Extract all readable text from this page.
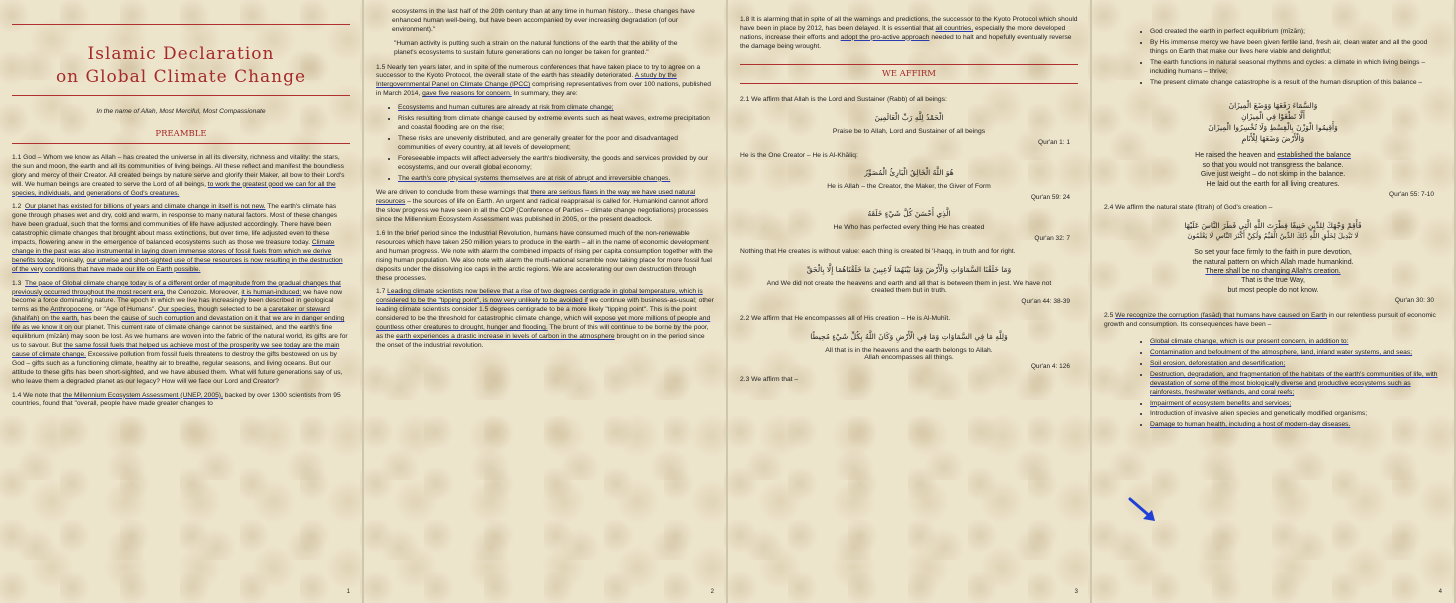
Islamic Declaration
on Global Climate Change
In the name of Allah, Most Merciful, Most Compassionate
PREAMBLE

1.1 God – Whom we know as Allah – has created the universe in all its diversity, richness and vitality: the stars, the sun and moon, the earth and all its communities of living beings. All these reflect and manifest the boundless glory and mercy of their Creator. All created beings by nature serve and glorify their Maker, all bow to their Lord's will. We human beings are created to serve the Lord of all beings, to work the greatest good we can for all the species, individuals, and generations of God's creatures.

1.2  Our planet has existed for billions of years and climate change in itself is not new. The earth's climate has gone through phases wet and dry, cold and warm, in response to many natural factors. Most of these changes have been gradual, such that the forms and communities of life have adjusted accordingly. There have been catastrophic climate changes that brought about mass extinctions, but over time, life adjusted even to these impacts, flowering anew in the emergence of balanced ecosystems such as those we treasure today. Climate change in the past was also instrumental in laying down immense stores of fossil fuels from which we derive benefits today. Ironically, our unwise and short-sighted use of these resources is now resulting in the destruction of the very conditions that have made our life on Earth possible.

1.3  The pace of Global climate change today is of a different order of magnitude from the gradual changes that previously occurred throughout the most recent era, the Cenozoic. Moreover, it is human-induced: we have now become a force dominating nature. The epoch in which we live has increasingly been described in geological terms as the Anthropocene, or "Age of Humans". Our species, though selected to be a caretaker or steward (khalifah) on the earth, has been the cause of such corruption and devastation on it that we are in danger ending life as we know it on our planet. This current rate of climate change cannot be sustained, and the earth's fine equilibrium (mīzān) may soon be lost. As we humans are woven into the fabric of the natural world, its gifts are for us to savour. But the same fossil fuels that helped us achieve most of the prosperity we see today are the main cause of climate change. Excessive pollution from fossil fuels threatens to destroy the gifts bestowed on us by God – gifts such as a functioning climate, healthy air to breathe, regular seasons, and living oceans. But our attitude to these gifts has been short-sighted, and we have abused them. What will future generations say of us, who leave them a degraded planet as our legacy? How will we face our Lord and Creator?

1.4 We note that the Millennium Ecosystem Assessment (UNEP, 2005), backed by over 1300 scientists from 95 countries, found that "overall, people have made greater changes to

1

ecosystems in the last half of the 20th century than at any time in human history... these changes have enhanced human well-being, but have been accompanied by ever increasing degradation (of our environment)."

"Human activity is putting such a strain on the natural functions of the earth that the ability of the planet's ecosystems to sustain future generations can no longer be taken for granted."

1.5 Nearly ten years later, and in spite of the numerous conferences that have taken place to try to agree on a successor to the Kyoto Protocol, the overall state of the earth has steadily deteriorated. A study by the Intergovernmental Panel on Climate Change (IPCC) comprising representatives from over 100 nations, published in March 2014, gave five reasons for concern. In summary, they are:

• Ecosystems and human cultures are already at risk from climate change;
• Risks resulting from climate change caused by extreme events such as heat waves, extreme precipitation and coastal flooding are on the rise;
• These risks are unevenly distributed, and are generally greater for the poor and disadvantaged communities of every country, at all levels of development;
• Foreseeable impacts will affect adversely the earth's biodiversity, the goods and services provided by our ecosystems, and our overall global economy;
• The earth's core physical systems themselves are at risk of abrupt and irreversible changes.

We are driven to conclude from these warnings that there are serious flaws in the way we have used natural resources – the sources of life on Earth. An urgent and radical reappraisal is called for. Humankind cannot afford the slow progress we have seen in all the COP (Conference of Parties – climate change negotiations) processes since the Millennium Ecosystem Assessment was published in 2005, or the present deadlock.

1.6 In the brief period since the Industrial Revolution, humans have consumed much of the non-renewable resources which have taken 250 million years to produce in the earth – all in the name of economic development and human progress. We note with alarm the combined impacts of rising per capita consumption together with the rising human population. We also note with alarm the multi-national scramble now taking place for more fossil fuel deposits under the dissolving ice caps in the arctic regions. We are accelerating our own destruction through these processes.

1.7 Leading climate scientists now believe that a rise of two degrees centigrade in global temperature, which is considered to be the "tipping point", is now very unlikely to be avoided if we continue with business-as-usual; other leading climate scientists consider 1.5 degrees centigrade to be a more likely "tipping point". This is the point considered to be the threshold for catastrophic climate change, which will expose yet more millions of people and countless other creatures to drought, hunger and flooding. The brunt of this will continue to be borne by the poor, as the earth experiences a drastic increase in levels of carbon in the atmosphere brought on in the period since the onset of the industrial revolution.

2

1.8 It is alarming that in spite of all the warnings and predictions, the successor to the Kyoto Protocol which should have been in place by 2012, has been delayed. It is essential that all countries, especially the more developed nations, increase their efforts and adopt the pro-active approach needed to halt and hopefully eventually reverse the damage being wrought.

WE AFFIRM

2.1 We affirm that Allah is the Lord and Sustainer (Rabb) of all beings:

الْحَمْدُ لِلَّهِ رَبِّ الْعَالَمِينَ
Praise be to Allah, Lord and Sustainer of all beings
Qur'an 1: 1

He is the One Creator – He is Al-Khāliq:

هُوَ اللَّهُ الْخَالِقُ الْبَارِئُ الْمُصَوِّرُ
He is Allah – the Creator, the Maker, the Giver of Form
Qur'an 59: 24
الَّذِي أَحْسَنَ كُلَّ شَيْءٍ خَلَقَهُ
He Who has perfected every thing He has created
Qur'an 32: 7

Nothing that He creates is without value: each thing is created bi 'l-haqq, in truth and for right.

وَمَا خَلَقْنَا السَّمَاوَاتِ وَالْأَرْضَ وَمَا بَيْنَهُمَا لَاعِبِينَ مَا خَلَقْنَاهُمَا إِلَّا بِالْحَقِّ
And We did not create the heavens and earth and all that is between them in jest. We have not created them but in truth.
Qur'an 44: 38-39

2.2 We affirm that He encompasses all of His creation – He is Al-Muhīt.

وَلِلَّهِ مَا فِي السَّمَاوَاتِ وَمَا فِي الْأَرْضِ وَكَانَ اللَّهُ بِكُلِّ شَيْءٍ مُحِيطًا
All that is in the heavens and the earth belongs to Allah.
Allah encompasses all things.
Qur'an 4: 126

2.3 We affirm that –

3
• God created the earth in perfect equilibrium (mīzān);
• By His immense mercy we have been given fertile land, fresh air, clean water and all the good things on Earth that make our lives here viable and delightful;
• The earth functions in natural seasonal rhythms and cycles: a climate in which living beings – including humans – thrive;
• The present climate change catastrophe is a result of the human disruption of this balance –
وَالسَّمَاءَ رَفَعَهَا وَوَضَعَ الْمِيزَانَ
أَلَّا تَطْغَوْا فِي الْمِيزَانِ
وَأَقِيمُوا الْوَزْنَ بِالْقِسْطِ وَلَا تُخْسِرُوا الْمِيزَانَ
وَالْأَرْضَ وَضَعَهَا لِلْأَنَامِ
He raised the heaven and established the balance
so that you would not transgress the balance.
Give just weight – do not skimp in the balance.
He laid out the earth for all living creatures.
Qur'an 55: 7-10

2.4 We affirm the natural state (fitrah) of God's creation –

فَأَقِمْ وَجْهَكَ لِلدِّينِ حَنِيفًا فِطْرَتَ اللَّهِ الَّتِي فَطَرَ النَّاسَ عَلَيْهَا
لَا تَبْدِيلَ لِخَلْقِ اللَّهِ ذَٰلِكَ الدِّينُ الْقَيِّمُ وَلَٰكِنَّ أَكْثَرَ النَّاسِ لَا يَعْلَمُونَ
So set your face firmly to the faith in pure devotion,
the natural pattern on which Allah made humankind.
There shall be no changing Allah's creation.
That is the true Way,
but most people do not know.
Qur'an 30: 30

2.5 We recognize the corruption (fasād) that humans have caused on Earth in our relentless pursuit of economic growth and consumption. Its consequences have been –

• Global climate change, which is our present concern, in addition to:
• Contamination and befoulment of the atmosphere, land, inland water systems, and seas;
• Soil erosion, deforestation and desertification;
• Destruction, degradation, and fragmentation of the habitats of the earth's communities of life, with devastation of some of the most biologically diverse and productive ecosystems such as rainforests, freshwater wetlands, and coral reefs;
• Impairment of ecosystem benefits and services;
• Introduction of invasive alien species and genetically modified organisms;
• Damage to human health, including a host of modern-day diseases.
4
